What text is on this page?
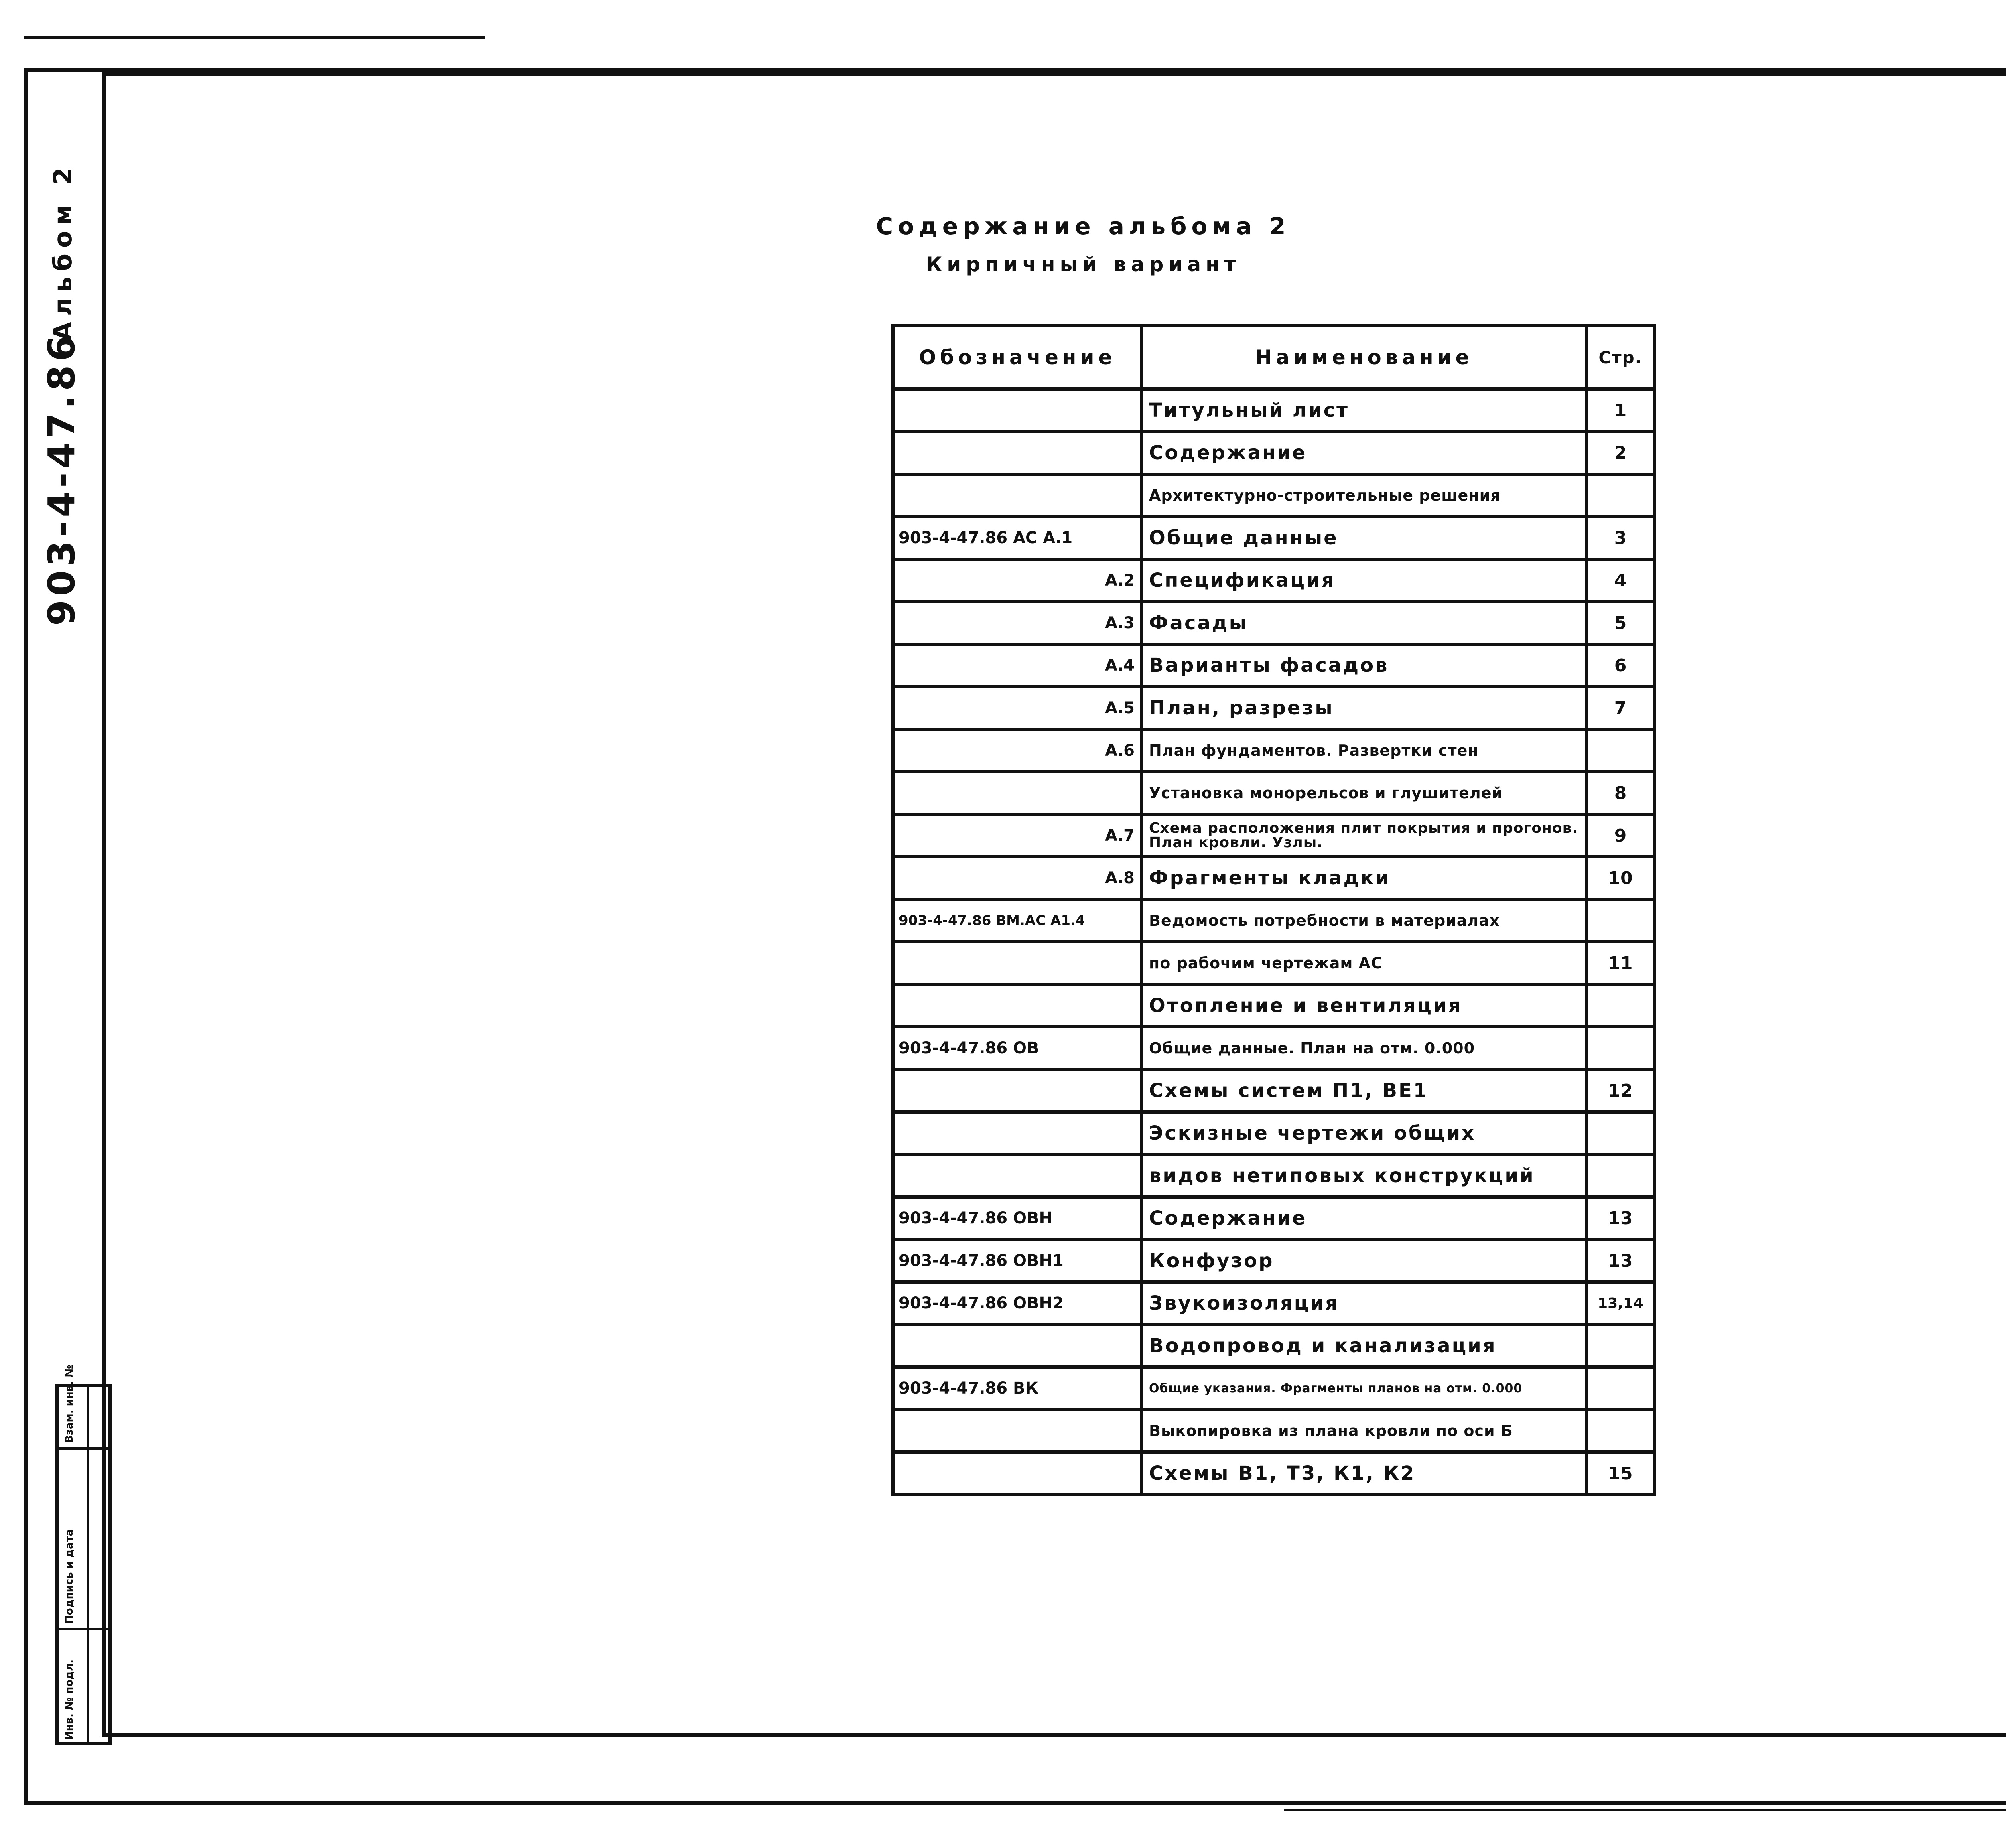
Альбом 2
903-4-47.86
Содержание альбома 2
Кирпичный вариант
Обозначение	Наименование	Стр.
	Титульный лист	1
	Содержание	2
	Архитектурно-строительные решения	
903-4-47.86 АС А.1	Общие данные	3
А.2	Спецификация	4
А.3	Фасады	5
А.4	Варианты фасадов	6
А.5	План, разрезы	7
А.6	План фундаментов. Развертки стен	
	Установка монорельсов и глушителей	8
А.7	Схема расположения плит покрытия и прогонов. План кровли. Узлы.	9
А.8	Фрагменты кладки	10
903-4-47.86 ВМ.АС А1.4	Ведомость потребности в материалах	
	по рабочим чертежам АС	11
	Отопление и вентиляция	
903-4-47.86 ОВ	Общие данные. План на отм. 0.000	
	Схемы систем П1, ВЕ1	12
	Эскизные чертежи общих	
	видов нетиповых конструкций	
903-4-47.86 ОВН	Содержание	13
903-4-47.86 ОВН1	Конфузор	13
903-4-47.86 ОВН2	Звукоизоляция	13,14
	Водопровод и канализация	
903-4-47.86 ВК	Общие указания. Фрагменты планов на отм. 0.000	
	Выкопировка из плана кровли по оси Б	
	Схемы В1, Т3, К1, К2	15
Инв. № подл.
Подпись и дата
Взам. инв. №
